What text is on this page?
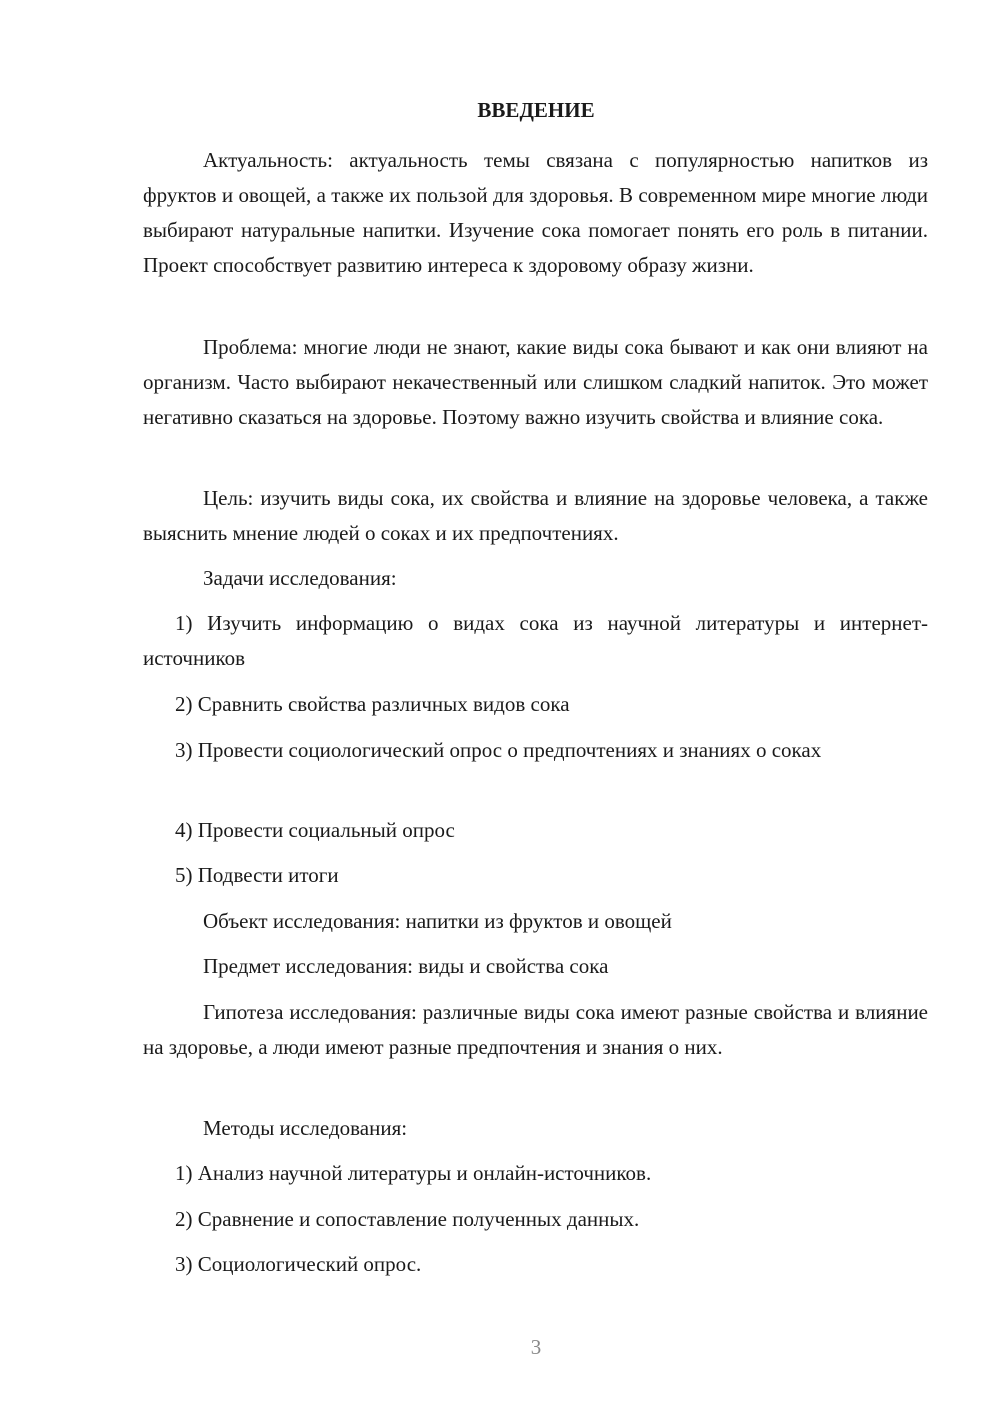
ВВЕДЕНИЕ

Актуальность: актуальность темы связана с популярностью напитков из фруктов и овощей, а также их пользой для здоровья. В современном мире многие люди выбирают натуральные напитки. Изучение сока помогает понять его роль в питании. Проект способствует развитию интереса к здоровому образу жизни.

Проблема: многие люди не знают, какие виды сока бывают и как они влияют на организм. Часто выбирают некачественный или слишком сладкий напиток. Это может негативно сказаться на здоровье. Поэтому важно изучить свойства и влияние сока.

Цель: изучить виды сока, их свойства и влияние на здоровье человека, а также выяснить мнение людей о соках и их предпочтениях.

Задачи исследования:

1) Изучить информацию о видах сока из научной литературы и интернет-источников

2) Сравнить свойства различных видов сока

3) Провести социологический опрос о предпочтениях и знаниях о соках

4) Провести социальный опрос

5) Подвести итоги

Объект исследования: напитки из фруктов и овощей

Предмет исследования: виды и свойства сока

Гипотеза исследования: различные виды сока имеют разные свойства и влияние на здоровье, а люди имеют разные предпочтения и знания о них.

Методы исследования:

1) Анализ научной литературы и онлайн-источников.

2) Сравнение и сопоставление полученных данных.

3) Социологический опрос.

3
